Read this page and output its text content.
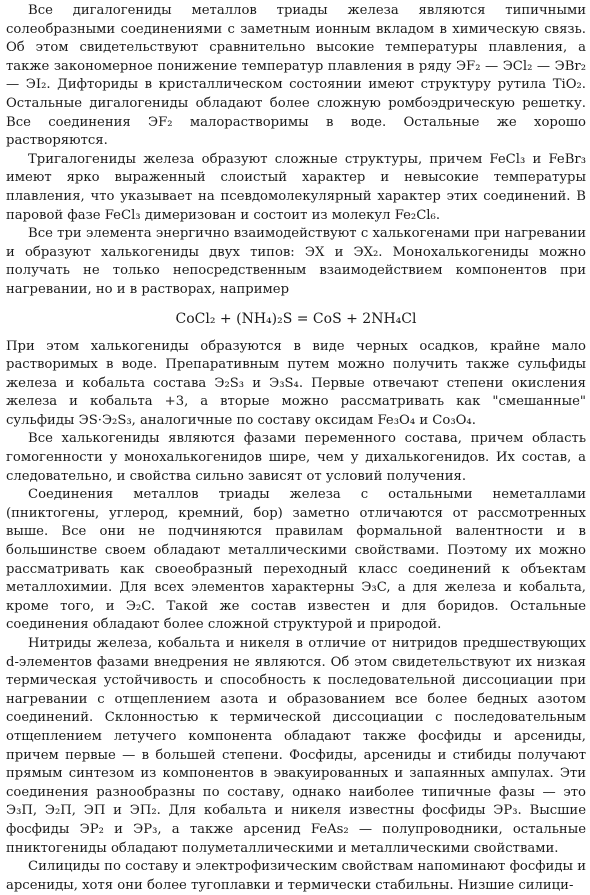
Все дигалогениды металлов триады железа являются типичными солеобразными соединениями с заметным ионным вкладом в химическую связь. Об этом свидетельствуют сравнительно высокие температуры плавления, а также закономерное понижение температур плавления в ряду ЭF₂ — ЭCl₂ — ЭBr₂ — ЭI₂. Дифториды в кристаллическом состоянии имеют структуру рутила TiO₂. Остальные дигалогениды обладают более сложную ромбоэдрическую решетку. Все соединения ЭF₂ малорастворимы в воде. Остальные же хорошо растворяются.

Тригалогениды железа образуют сложные структуры, причем FeCl₃ и FeBr₃ имеют ярко выраженный слоистый характер и невысокие температуры плавления, что указывает на псевдомолекулярный характер этих соединений. В паровой фазе FeCl₃ димеризован и состоит из молекул Fe₂Cl₆.

Все три элемента энергично взаимодействуют с халькогенами при нагревании и образуют халькогениды двух типов: ЭX и ЭX₂. Монохалькогениды можно получать не только непосредственным взаимодействием компонентов при нагревании, но и в растворах, например

CoCl₂ + (NH₄)₂S = CoS + 2NH₄Cl

При этом халькогениды образуются в виде черных осадков, крайне мало растворимых в воде. Препаративным путем можно получить также сульфиды железа и кобальта состава Э₂S₃ и Э₃S₄. Первые отвечают степени окисления железа и кобальта +3, а вторые можно рассматривать как "смешанные" сульфиды ЭS·Э₂S₃, аналогичные по составу оксидам Fe₃O₄ и Co₃O₄.

Все халькогениды являются фазами переменного состава, причем область гомогенности у монохалькогенидов шире, чем у дихалькогенидов. Их состав, а следовательно, и свойства сильно зависят от условий получения.

Соединения металлов триады железа с остальными неметаллами (пниктогены, углерод, кремний, бор) заметно отличаются от рассмотренных выше. Все они не подчиняются правилам формальной валентности и в большинстве своем обладают металлическими свойствами. Поэтому их можно рассматривать как своеобразный переходный класс соединений к объектам металлохимии. Для всех элементов характерны Э₃C, а для железа и кобальта, кроме того, и Э₂C. Такой же состав известен и для боридов. Остальные соединения обладают более сложной структурой и природой.

Нитриды железа, кобальта и никеля в отличие от нитридов предшествующих d-элементов фазами внедрения не являются. Об этом свидетельствуют их низкая термическая устойчивость и способность к последовательной диссоциации при нагревании с отщеплением азота и образованием все более бедных азотом соединений. Склонностью к термической диссоциации с последовательным отщеплением летучего компонента обладают также фосфиды и арсениды, причем первые — в большей степени. Фосфиды, арсениды и стибиды получают прямым синтезом из компонентов в эвакуированных и запаянных ампулах. Эти соединения разнообразны по составу, однако наиболее типичные фазы — это Э₃П, Э₂П, ЭП и ЭП₂. Для кобальта и никеля известны фосфиды ЭP₃. Высшие фосфиды ЭP₂ и ЭP₃, а также арсенид FeAs₂ — полупроводники, остальные пниктогениды обладают полуметаллическими и металлическими свойствами.

Силициды по составу и электрофизическим свойствам напоминают фосфиды и арсениды, хотя они более тугоплавки и термически стабильны. Низшие силици-
